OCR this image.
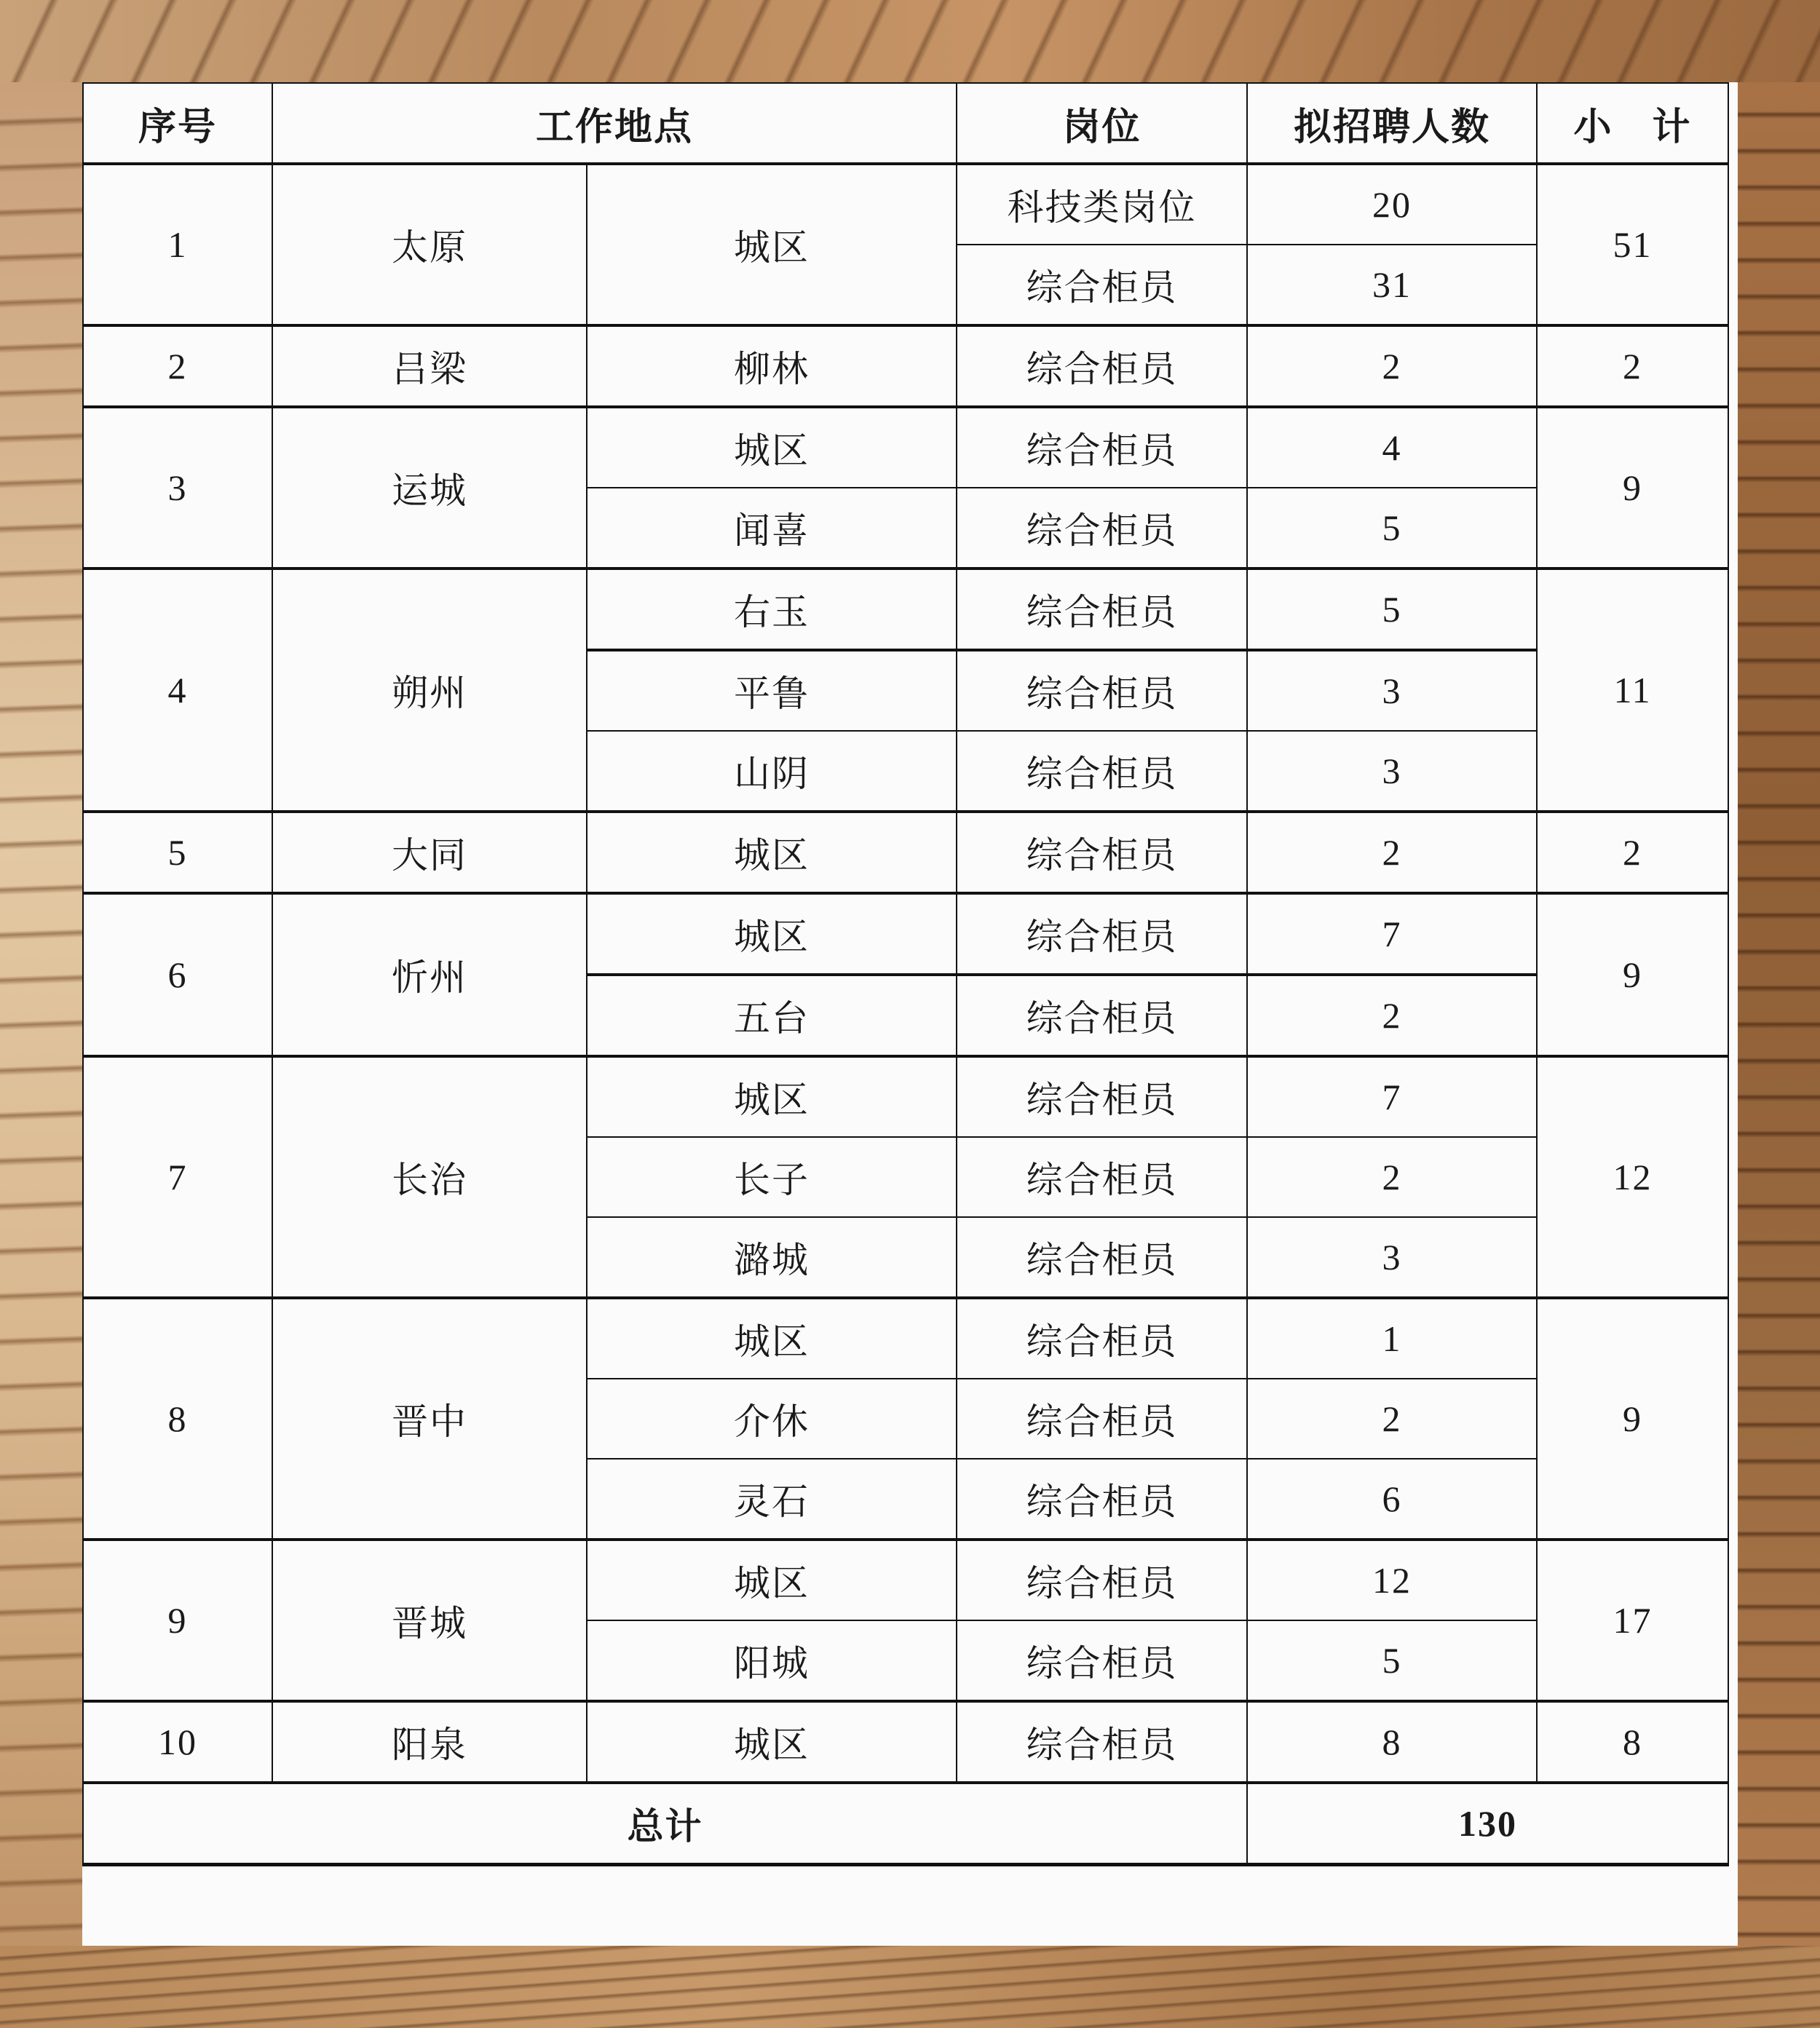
序号	工作地点		岗位	拟招聘人数	小　计
1	太原	城区	科技类岗位	20	51
			综合柜员	31	
2	吕梁	柳林	综合柜员	2	2
3	运城	城区	综合柜员	4	9
		闻喜	综合柜员	5	
4	朔州	右玉	综合柜员	5	11
		平鲁	综合柜员	3	
		山阴	综合柜员	3	
5	大同	城区	综合柜员	2	2
6	忻州	城区	综合柜员	7	9
		五台	综合柜员	2	
7	长治	城区	综合柜员	7	12
		长子	综合柜员	2	
		潞城	综合柜员	3	
8	晋中	城区	综合柜员	1	9
		介休	综合柜员	2	
		灵石	综合柜员	6	
9	晋城	城区	综合柜员	12	17
		阳城	综合柜员	5	
10	阳泉	城区	综合柜员	8	8
总计				130	
